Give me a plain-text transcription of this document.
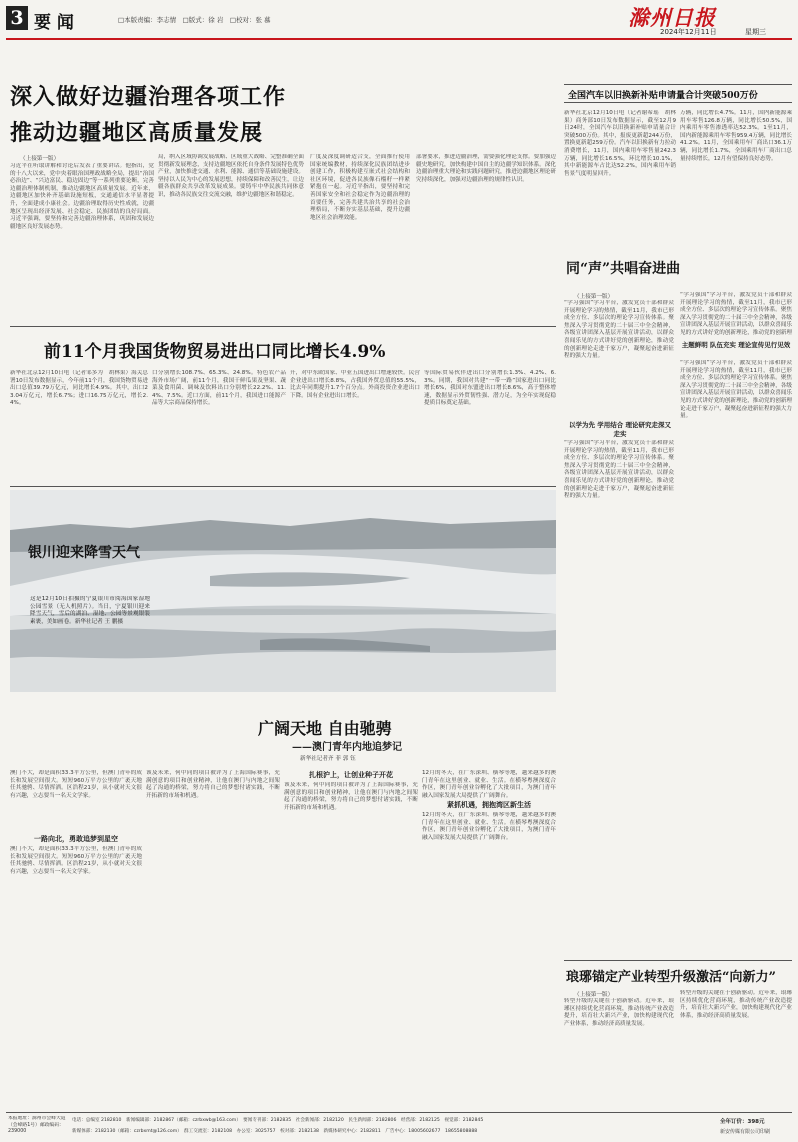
3 要 闻	□本版责编：李志情　□版式：徐 岩　□校对：张 慕	滁州日报
2024年12月11日	星期三
深入做好边疆治理各项工作
推动边疆地区高质量发展
（上接第一版）
习近平在听取讲解和讨论后发表了重要讲话。他指出，党的十八大以来，党中央着眼治国理政战略全局，提出“治国必治边”、“兴边富民、稳边固边”等一系列重要论断，完善边疆治理体制机制，推动边疆地区高质量发展。近年来，边疆地区加快补齐基础设施短板，交通通信水平显著提升，全面建成小康社会。边疆治理取得历史性成就，边疆地区呈现出经济发展、社会稳定、民族团结的良好局面。习近平强调，要坚持和完善边疆治理体系，巩固和发展边疆地区良好发展态势。
局，纳入区域协调发展战略、区域重大战略、完整准确全面贯彻新发展理念，支持边疆地区依托自身条件发展特色优势产业，加快推进交通、水利、能源、通信等基础设施建设。坚持以人民为中心的发展思想，持续保障和改善民生，让边疆各族群众共享改革发展成果。要铸牢中华民族共同体意识，推动各民族交往交流交融，维护边疆地区和谐稳定。
广度及深度调研适合支，全面推行使用国家统编教材，持续深化民族团结进步创建工作，积极构建互嵌式社会结构和社区环境，促进各民族像石榴籽一样紧紧抱在一起。习近平指出，要坚持和完善国家安全和社会稳定作为边疆治理的首要任务，完善共建共治共享的社会治理格局，不断夯实基层基础，提升边疆地区社会治理效能。
部署要求，推进边疆治理，需要强化理论支撑。要加强边疆史地研究，加快构建中国自主的边疆学知识体系。深化边疆治理重大理论和实践问题研究，推进边疆地区理论研究持续深化，加强对边疆治理的规律性认识。
全国汽车以旧换新补贴申请量合计突破500万份
新华社北京12月10日电（记者谢希瑶　胡林果）商务部10日发布数据显示，截至12月9日24时，全国汽车以旧换新补贴申请量合计突破500万份。其中，报废更新超244万份，置换更新超259万份。汽车以旧换新有力拉动消费增长，11月，国内乘用车零售量242.3万辆，同比增长16.5%，环比增长10.1%，其中新能源车占比达52.2%，国内乘用车销售景气度明显回升。
万辆，同比增长4.7%。11月，国内新能源乘用车零售126.8万辆，同比增长50.5%，国内乘用车零售渗透率达52.3%。1至11月，国内新能源乘用车零售959.4万辆，同比增长41.2%。11月，全国乘用车厂商出口36.1万辆，同比增长1.7%，全国乘用车厂商出口总量持续增长，12月有望保持良好态势。
同“声”共唱奋进曲
（上接第一版）
“学习强国”学习平台，激发党员干部和群众开展理论学习的热情，截至11月，我市已形成全方位、多层次的理论学习宣传体系。聚焦深入学习贯彻党的二十届三中全会精神，各级宣讲团深入基层开展宣讲活动，以群众喜闻乐见的方式讲好党的创新理论，推动党的创新理论走进千家万户，凝聚起奋进新征程的强大力量。
以学为先 学用结合 理论研究走深又走实
“学习强国”学习平台，激发党员干部和群众开展理论学习的热情，截至11月，我市已形成全方位、多层次的理论学习宣传体系。聚焦深入学习贯彻党的二十届三中全会精神，各级宣讲团深入基层开展宣讲活动，以群众喜闻乐见的方式讲好党的创新理论，推动党的创新理论走进千家万户，凝聚起奋进新征程的强大力量。
“学习强国”学习平台，激发党员干部和群众开展理论学习的热情，截至11月，我市已形成全方位、多层次的理论学习宣传体系。聚焦深入学习贯彻党的二十届三中全会精神，各级宣讲团深入基层开展宣讲活动，以群众喜闻乐见的方式讲好党的创新理论，推动党的创新理
主题鲜明 队伍充实 理论宣传见行见效
“学习强国”学习平台，激发党员干部和群众开展理论学习的热情，截至11月，我市已形成全方位、多层次的理论学习宣传体系。聚焦深入学习贯彻党的二十届三中全会精神，各级宣讲团深入基层开展宣讲活动，以群众喜闻乐见的方式讲好党的创新理论，推动党的创新理论走进千家万户，凝聚起奋进新征程的强大力量。
前11个月我国货物贸易进出口同比增长4.9%
新华社北京12月10日电（记者邹多为　胡林果）海关总署10日发布数据显示，今年前11个月，我国货物贸易进出口总值39.79万亿元，同比增长4.9%。其中，出口23.04万亿元，增长6.7%；进口16.75万亿元，增长2.4%。
口分别增长108.7%、65.3%、24.8%。特色农产品海外市场广阔，前11个月，我国干鲜瓜果及坚果、蔬菜及食用菌、调味及饮料出口分别增长22.2%、11.4%、7.5%。近口方面，前11个月，我国进口能源产品等大宗商品保持增长。
升，对中东欧国家、中亚五国进出口增速较快。民营企业进出口增长8.8%，占我国外贸总值的55.5%，比去年同期提升1.7个百分点。外商投资企业进出口下降。国有企业进出口增长。
等国际贸易伙伴进出口分别增长1.3%、4.2%、6.3%。同期，我国对共建“一带一路”国家进出口同比增长6%，我国对东盟进出口增长8.6%，高于整体增速，数据显示外贸韧性强、潜力足，为全年实现促稳提质目标奠定基础。
银川迎来降雪天气
这是12月10日拍摄的宁夏银川市阅海国家湿地公园雪景（无人机照片）。当日，宁夏银川迎来降雪天气，雪后的湖泊、湿地、公园等景观银装素裹，美如画卷。新华社记者 王 鹏摄
广阔天地 自由驰骋
——澳门青年内地追梦记
新华社记者齐 菲 郭 钰
澳门不大，却是面积33.3平方公里，但澳门青年的成长和发展空间很大。短短960万平方公里的广袤天地任其驰骋、尽情挥洒。区浩程21岁，从小就对天文很有兴趣，立志要当一名天文学家。
一路向北，勇敢追梦到星空
澳门不大，却是面积33.3平方公里，但澳门青年的成长和发展空间很大。短短960万平方公里的广袤天地任其驰骋、尽情挥洒。区浩程21岁，从小就对天文很有兴趣，立志要当一名天文学家。
该及未来，何中同的项目被评为了上海国际赛事，充满创意的项目和创业精神，让他在澳门与内地之间架起了沟通的桥梁，努力将自己的梦想付诸实践，不断开拓新的市场和机遇。
扎根沪上，让创业种子开花
该及未来，何中同的项目被评为了上海国际赛事，充满创意的项目和创业精神，让他在澳门与内地之间架起了沟通的桥梁，努力将自己的梦想付诸实践，不断开拓新的市场和机遇。	紧抓机遇，拥抱湾区新生活
12月的冬天，在广东深圳、横琴等地，越来越多的澳门青年在这里创业、就业、生活。在横琴粤澳深度合作区，澳门青年创业谷孵化了大批项目，为澳门青年融入国家发展大局提供了广阔舞台。
12月的冬天，在广东深圳、横琴等地，越来越多的澳门青年在这里创业、就业、生活。在横琴粤澳深度合作区，澳门青年创业谷孵化了大批项目，为澳门青年融入国家发展大局提供了广阔舞台。
琅琊锚定产业转型升级激活“向新力”
（上接第一版）
转型升级的关键在于创新驱动。近年来，琅琊区持续优化营商环境，推动传统产业改造提升，培育壮大新兴产业，加快构建现代化产业体系，推动经济高质量发展。
转型升级的关键在于创新驱动。近年来，琅琊区持续优化营商环境，推动传统产业改造提升，培育壮大新兴产业，加快构建现代化产业体系，推动经济高质量发展。
本报地址：滁州市会峰大道（会峰路1号）邮政编码：239000
电话：总编室 2182810　新闻编辑部：2182867（邮箱：czrbxwb@163.com）　要闻专刊部：2182835　社会新闻部：2182120　民生新闻部：2182806　经营部：2182125　视觉部：2182845
新媒体部：2182130（邮箱：czrbxmt@126.com）　群工交流室：2182108　办公室：3025757　校对部：2182138　新媒体研究中心：2182811　广告中心：18005602677　18655808888
全年订价：398元
新安传媒有限公司印刷
